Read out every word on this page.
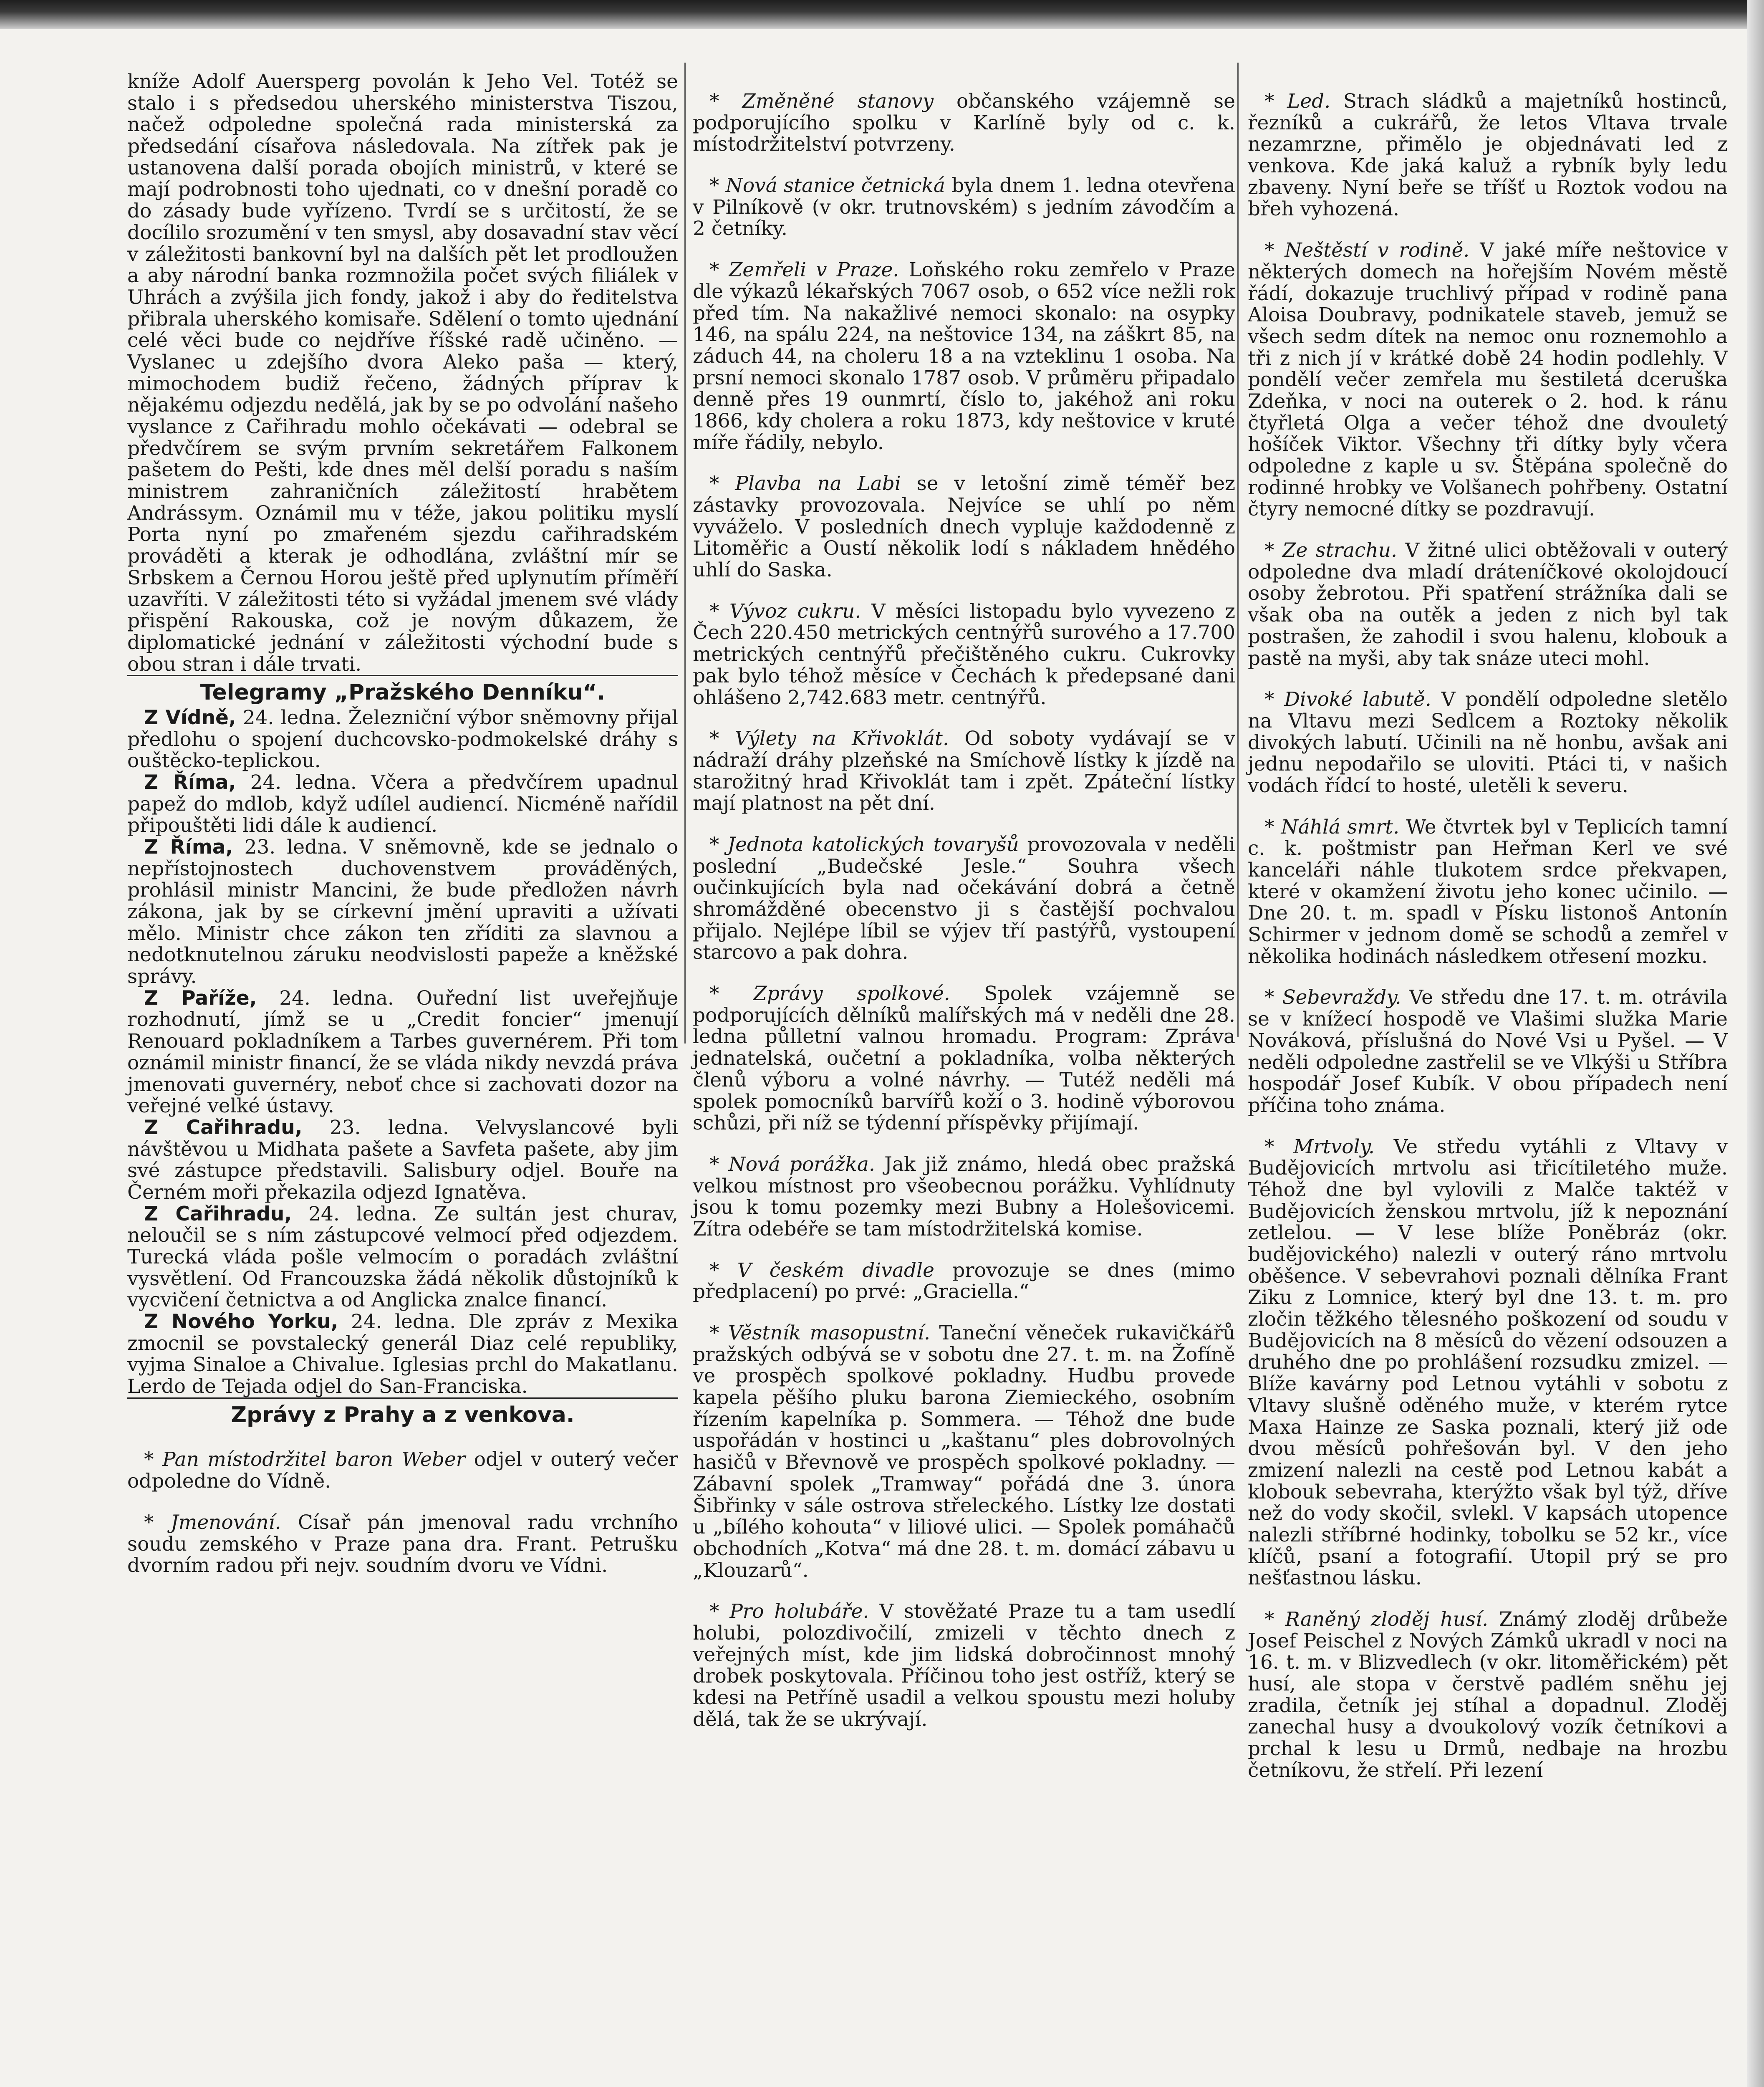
kníže Adolf Auersperg povolán k Jeho Vel. Totéž se stalo i s předsedou uherského ministerstva Tiszou, načež odpoledne společná rada ministerská za předsedání císařova následovala. Na zítřek pak je ustanovena další porada obojích ministrů, v které se mají podrobnosti toho ujednati, co v dnešní poradě co do zásady bude vyřízeno. Tvrdí se s určitostí, že se docílilo srozumění v ten smysl, aby dosavadní stav věcí v záležitosti bankovní byl na dalších pět let prodloužen a aby národní banka rozmnožila počet svých filiálek v Uhrách a zvýšila jich fondy, jakož i aby do ředitelstva přibrala uherského komisaře. Sdělení o tomto ujednání celé věci bude co nejdříve říšské radě učiněno. — Vyslanec u zdejšího dvora Aleko paša — který, mimochodem budiž řečeno, žádných příprav k nějakému odjezdu nedělá, jak by se po odvolání našeho vyslance z Cařihradu mohlo očekávati — odebral se předvčírem se svým prvním sekretářem Falkonem pašetem do Pešti, kde dnes měl delší poradu s naším ministrem zahraničních záležitostí hrabětem Andrássym. Oznámil mu v téže, jakou politiku myslí Porta nyní po zmařeném sjezdu cařihradském prováděti a kterak je odhodlána, zvláštní mír se Srbskem a Černou Horou ještě před uplynutím příměří uzavříti. V záležitosti této si vyžádal jmenem své vlády přispění Rakouska, což je novým důkazem, že diplomatické jednání v záležitosti východní bude s obou stran i dále trvati.

Telegramy „Pražského Denníku“.

Z Vídně, 24. ledna. Železniční výbor sněmovny přijal předlohu o spojení duchcovsko-podmokelské dráhy s ouštěcko-teplickou.

Z Říma, 24. ledna. Včera a předvčírem upadnul papež do mdlob, když udílel audiencí. Nicméně nařídil připouštěti lidi dále k audiencí.

Z Říma, 23. ledna. V sněmovně, kde se jednalo o nepřístojnostech duchovenstvem prováděných, prohlásil ministr Mancini, že bude předložen návrh zákona, jak by se církevní jmění upraviti a užívati mělo. Ministr chce zákon ten zříditi za slavnou a nedotknutelnou záruku neodvislosti papeže a kněžské správy.

Z Paříže, 24. ledna. Ouřední list uveřejňuje rozhodnutí, jímž se u „Credit foncier“ jmenují Renouard pokladníkem a Tarbes guvernérem. Při tom oznámil ministr financí, že se vláda nikdy nevzdá práva jmenovati guvernéry, neboť chce si zachovati dozor na veřejné velké ústavy.

Z Cařihradu, 23. ledna. Velvyslancové byli návštěvou u Midhata pašete a Savfeta pašete, aby jim své zástupce představili. Salisbury odjel. Bouře na Černém moři překazila odjezd Ignatěva.

Z Cařihradu, 24. ledna. Ze sultán jest churav, neloučil se s ním zástupcové velmocí před odjezdem. Turecká vláda pošle velmocím o poradách zvláštní vysvětlení. Od Francouzska žádá několik důstojníků k vycvičení četnictva a od Anglicka znalce financí.

Z Nového Yorku, 24. ledna. Dle zpráv z Mexika zmocnil se povstalecký generál Diaz celé republiky, vyjma Sinaloe a Chivalue. Iglesias prchl do Makatlanu. Lerdo de Tejada odjel do San-Franciska.

Zprávy z Prahy a z venkova.

* Pan místodržitel baron Weber odjel v outerý večer odpoledne do Vídně.

* Jmenování. Císař pán jmenoval radu vrchního soudu zemského v Praze pana dra. Frant. Petrušku dvorním radou při nejv. soudním dvoru ve Vídni.

* Změněné stanovy občanského vzájemně se podporujícího spolku v Karlíně byly od c. k. místodržitelství potvrzeny.

* Nová stanice četnická byla dnem 1. ledna otevřena v Pilníkově (v okr. trutnovském) s jedním závodčím a 2 četníky.

* Zemřeli v Praze. Loňského roku zemřelo v Praze dle výkazů lékařských 7067 osob, o 652 více nežli rok před tím. Na nakažlivé nemoci skonalo: na osypky 146, na spálu 224, na neštovice 134, na záškrt 85, na záduch 44, na choleru 18 a na vzteklinu 1 osoba. Na prsní nemoci skonalo 1787 osob. V průměru připadalo denně přes 19 ounmrtí, číslo to, jakéhož ani roku 1866, kdy cholera a roku 1873, kdy neštovice v kruté míře řádily, nebylo.

* Plavba na Labi se v letošní zimě téměř bez zástavky provozovala. Nejvíce se uhlí po něm vyváželo. V posledních dnech vypluje každodenně z Litoměřic a Oustí několik lodí s nákladem hnědého uhlí do Saska.

* Vývoz cukru. V měsíci listopadu bylo vyvezeno z Čech 220.450 metrických centnýřů surového a 17.700 metrických centnýřů přečištěného cukru. Cukrovky pak bylo téhož měsíce v Čechách k předepsané dani ohlášeno 2,742.683 metr. centnýřů.

* Výlety na Křivoklát. Od soboty vydávají se v nádraží dráhy plzeňské na Smíchově lístky k jízdě na starožitný hrad Křivoklát tam i zpět. Zpáteční lístky mají platnost na pět dní.

* Jednota katolických tovaryšů provozovala v neděli poslední „Budečské Jesle.“ Souhra všech oučinkujících byla nad očekávání dobrá a četně shromážděné obecenstvo ji s častější pochvalou přijalo. Nejlépe líbil se výjev tří pastýřů, vystoupení starcovo a pak dohra.

* Zprávy spolkové. Spolek vzájemně se podporujících dělníků malířských má v neděli dne 28. ledna půlletní valnou hromadu. Program: Zpráva jednatelská, oučetní a pokladníka, volba některých členů výboru a volné návrhy. — Tutéž neděli má spolek pomocníků barvířů koží o 3. hodině výborovou schůzi, při níž se týdenní příspěvky přijímají.

* Nová porážka. Jak již známo, hledá obec pražská velkou místnost pro všeobecnou porážku. Vyhlídnuty jsou k tomu pozemky mezi Bubny a Holešovicemi. Zítra odebéře se tam místodržitelská komise.

* V českém divadle provozuje se dnes (mimo předplacení) po prvé: „Graciella.“

* Věstník masopustní. Taneční věneček rukavičkářů pražských odbývá se v sobotu dne 27. t. m. na Žofíně ve prospěch spolkové pokladny. Hudbu provede kapela pěšího pluku barona Ziemieckého, osobním řízením kapelníka p. Sommera. — Téhož dne bude uspořádán v hostinci u „kaštanu“ ples dobrovolných hasičů v Břevnově ve prospěch spolkové pokladny. — Zábavní spolek „Tramway“ pořádá dne 3. února Šibřinky v sále ostrova střeleckého. Lístky lze dostati u „bílého kohouta“ v liliové ulici. — Spolek pomáhačů obchodních „Kotva“ má dne 28. t. m. domácí zábavu u „Klouzarů“.

* Pro holubáře. V stověžaté Praze tu a tam usedlí holubi, polozdivočilí, zmizeli v těchto dnech z veřejných míst, kde jim lidská dobročinnost mnohý drobek poskytovala. Příčinou toho jest ostříž, který se kdesi na Petříně usadil a velkou spoustu mezi holuby dělá, tak že se ukrývají.

* Led. Strach sládků a majetníků hostinců, řezníků a cukrářů, že letos Vltava trvale nezamrzne, přimělo je objednávati led z venkova. Kde jaká kaluž a rybník byly ledu zbaveny. Nyní beře se tříšť u Roztok vodou na břeh vyhozená.

* Neštěstí v rodině. V jaké míře neštovice v některých domech na hořejším Novém městě řádí, dokazuje truchlivý případ v rodině pana Aloisa Doubravy, podnikatele staveb, jemuž se všech sedm dítek na nemoc onu roznemohlo a tři z nich jí v krátké době 24 hodin podlehly. V pondělí večer zemřela mu šestiletá dceruška Zdeňka, v noci na outerek o 2. hod. k ránu čtyřletá Olga a večer téhož dne dvouletý hošíček Viktor. Všechny tři dítky byly včera odpoledne z kaple u sv. Štěpána společně do rodinné hrobky ve Volšanech pohřbeny. Ostatní čtyry nemocné dítky se pozdravují.

* Ze strachu. V žitné ulici obtěžovali v outerý odpoledne dva mladí dráteníčkové okolojdoucí osoby žebrotou. Při spatření strážníka dali se však oba na outěk a jeden z nich byl tak postrašen, že zahodil i svou halenu, klobouk a pastě na myši, aby tak snáze uteci mohl.

* Divoké labutě. V pondělí odpoledne sletělo na Vltavu mezi Sedlcem a Roztoky několik divokých labutí. Učinili na ně honbu, avšak ani jednu nepodařilo se uloviti. Ptáci ti, v našich vodách řídcí to hosté, uletěli k severu.

* Náhlá smrt. We čtvrtek byl v Teplicích tamní c. k. poštmistr pan Heřman Kerl ve své kanceláři náhle tlukotem srdce překvapen, které v okamžení životu jeho konec učinilo. — Dne 20. t. m. spadl v Písku listonoš Antonín Schirmer v jednom domě se schodů a zemřel v několika hodinách následkem otřesení mozku.

* Sebevraždy. Ve středu dne 17. t. m. otrávila se v knížecí hospodě ve Vlašimi služka Marie Nováková, příslušná do Nové Vsi u Pyšel. — V neděli odpoledne zastřelil se ve Vlkýši u Stříbra hospodář Josef Kubík. V obou případech není příčina toho známa.

* Mrtvoly. Ve středu vytáhli z Vltavy v Budějovicích mrtvolu asi třicítiletého muže. Téhož dne byl vylovili z Malče taktéž v Budějovicích ženskou mrtvolu, jíž k nepoznání zetlelou. — V lese blíže Poněbráz (okr. budějovického) nalezli v outerý ráno mrtvolu oběšence. V sebevrahovi poznali dělníka Frant Ziku z Lomnice, který byl dne 13. t. m. pro zločin těžkého tělesného poškození od soudu v Budějovicích na 8 měsíců do vězení odsouzen a druhého dne po prohlášení rozsudku zmizel. — Blíže kavárny pod Letnou vytáhli v sobotu z Vltavy slušně oděného muže, v kterém rytce Maxa Hainze ze Saska poznali, který již ode dvou měsíců pohřešován byl. V den jeho zmizení nalezli na cestě pod Letnou kabát a klobouk sebevraha, kterýžto však byl týž, dříve než do vody skočil, svlekl. V kapsách utopence nalezli stříbrné hodinky, tobolku se 52 kr., více klíčů, psaní a fotografií. Utopil prý se pro nešťastnou lásku.

* Raněný zloděj husí. Známý zloděj drůbeže Josef Peischel z Nových Zámků ukradl v noci na 16. t. m. v Blizvedlech (v okr. litoměřickém) pět husí, ale stopa v čerstvě padlém sněhu jej zradila, četník jej stíhal a dopadnul. Zloděj zanechal husy a dvoukolový vozík četníkovi a prchal k lesu u Drmů, nedbaje na hrozbu četníkovu, že střelí. Při lezení
